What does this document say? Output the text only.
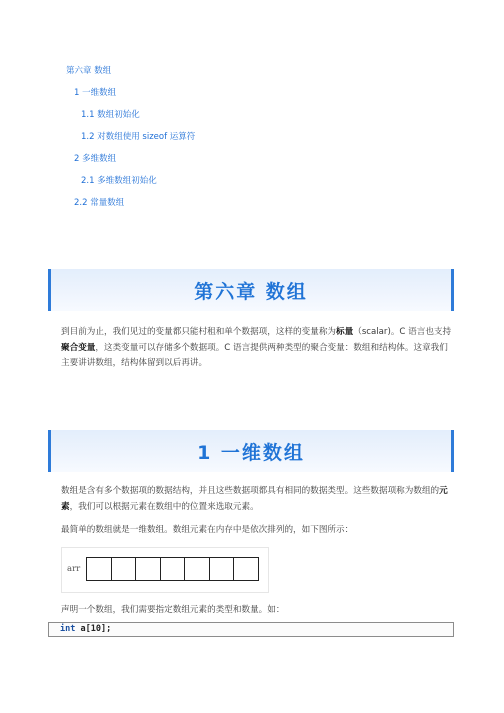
第六章 数组
1 一维数组
1.1 数组初始化
1.2 对数组使用 sizeof 运算符
2 多维数组
2.1 多维数组初始化
2.2 常量数组
第六章 数组
到目前为止，我们见过的变量都只能村租和单个数据项，这样的变量称为标量（scalar)。C 语言也支持聚合变量，这类变量可以存储多个数据项。C 语言提供两种类型的聚合变量：数组和结构体。这章我们主要讲讲数组，结构体留到以后再讲。
1 一维数组
数组是含有多个数据项的数据结构，并且这些数据项都具有相同的数据类型。这些数据项称为数组的元素，我们可以根据元素在数组中的位置来选取元素。
最简单的数组就是一维数组。数组元素在内存中是依次排列的，如下图所示：
arr
声明一个数组，我们需要指定数组元素的类型和数量。如：
int a[10];
